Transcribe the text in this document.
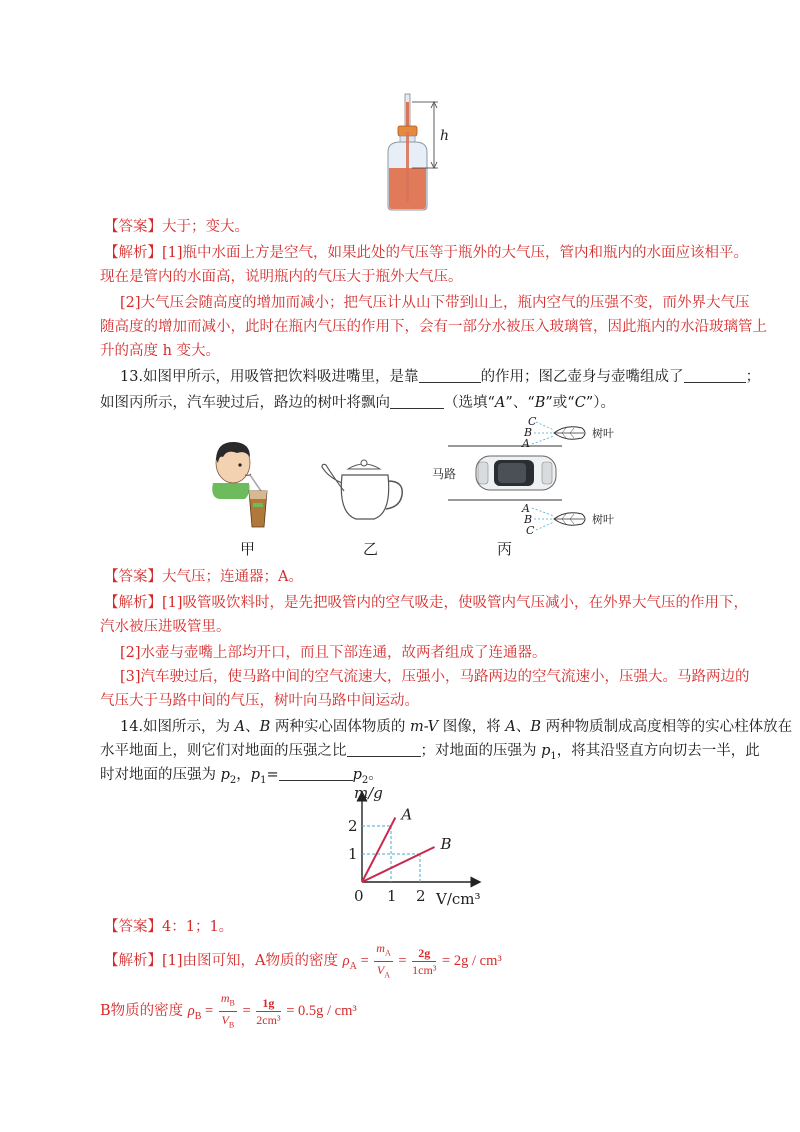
h
【答案】大于；变大。
【解析】[1]瓶中水面上方是空气，如果此处的气压等于瓶外的大气压，管内和瓶内的水面应该相平。
现在是管内的水面高，说明瓶内的气压大于瓶外大气压。
[2]大气压会随高度的增加而减小；把气压计从山下带到山上，瓶内空气的压强不变，而外界大气压
随高度的增加而减小，此时在瓶内气压的作用下，会有一部分水被压入玻璃管，因此瓶内的水沿玻璃管上
升的高度 h 变大。
13.如图甲所示，用吸管把饮料吸进嘴里，是靠	的作用；图乙壶身与壶嘴组成了	；
如图丙所示，汽车驶过后，路边的树叶将飘向	（选填“A”、“B”或“C”）。
马路
C
B
A
树叶
A
B
C
树叶
甲	乙	丙
【答案】大气压；连通器；A。
【解析】[1]吸管吸饮料时，是先把吸管内的空气吸走，使吸管内气压减小，在外界大气压的作用下，
汽水被压进吸管里。
[2]水壶与壶嘴上部均开口，而且下部连通，故两者组成了连通器。
[3]汽车驶过后，使马路中间的空气流速大，压强小，马路两边的空气流速小，压强大。马路两边的
气压大于马路中间的气压，树叶向马路中间运动。
14.如图所示，为 A、B 两种实心固体物质的 m-V 图像，将 A、B 两种物质制成高度相等的实心柱体放在
水平地面上，则它们对地面的压强之比	；对地面的压强为 $p_1$，将其沿竖直方向切去一半，此
时对地面的压强为 $p_2$，$p_1=$	$p_2$。
A
B
0 1 2
1
2
m/g
V/cm³
【答案】4：1；1。
【解析】[1]由图可知，A物质的密度 $\rho_A = \frac{m_A}{V_A} = \frac{2g}{\text{1cm³}} = 2g / cm^3$
B物质的密度 $\rho_B = \frac{m_B}{V_B} = \frac{1g}{\text{2cm³}} = 0.5g / cm^3$
